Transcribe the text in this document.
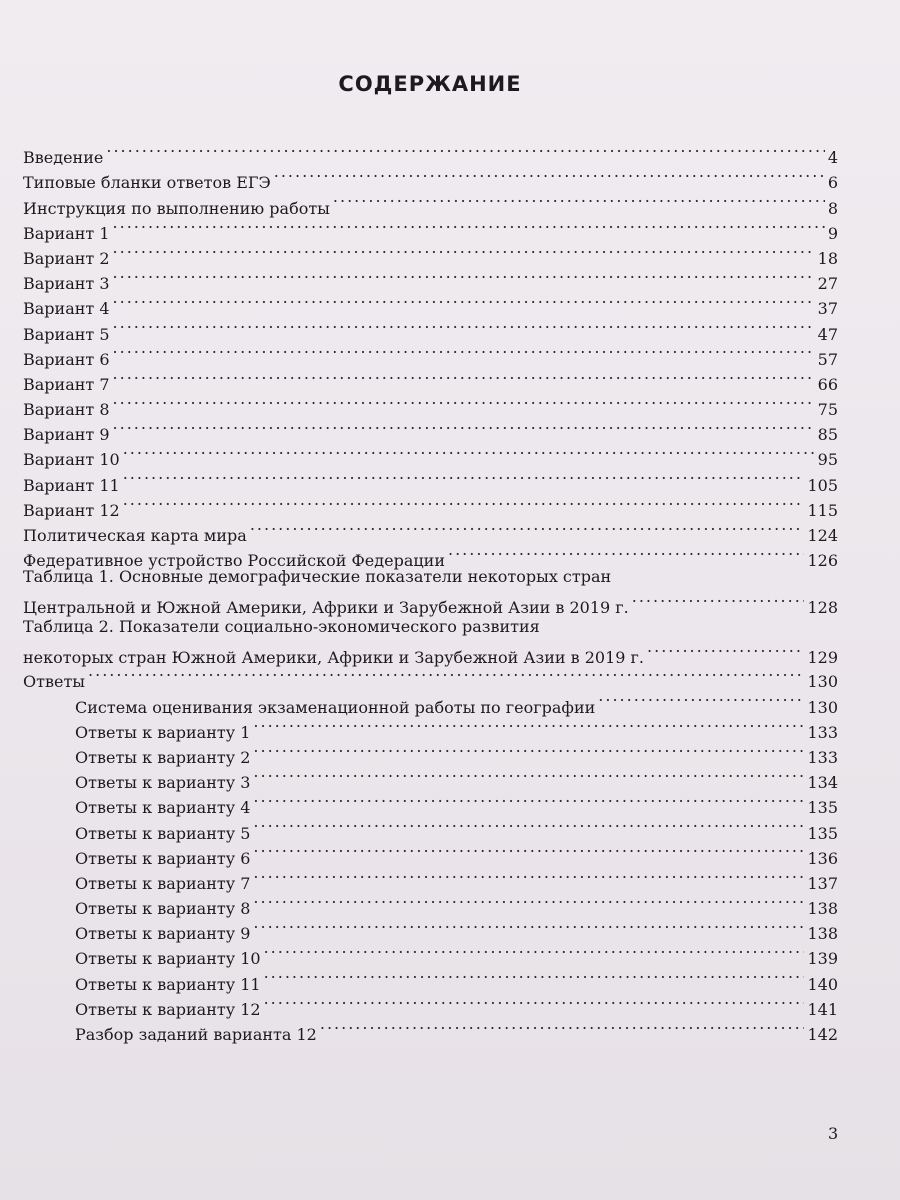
СОДЕРЖАНИЕ
Введение .....	4
Типовые бланки ответов ЕГЭ .....	6
Инструкция по выполнению работы .....	8
Вариант 1 .....	9
Вариант 2 .....	18
Вариант 3 .....	27
Вариант 4 .....	37
Вариант 5 .....	47
Вариант 6 .....	57
Вариант 7 .....	66
Вариант 8 .....	75
Вариант 9 .....	85
Вариант 10 .....	95
Вариант 11 .....	105
Вариант 12 .....	115
Политическая карта мира .....	124
Федеративное устройство Российской Федерации .....	126
Таблица 1. Основные демографические показатели некоторых стран
Центральной и Южной Америки, Африки и Зарубежной Азии в 2019 г. .....	128
Таблица 2. Показатели социально-экономического развития
некоторых стран Южной Америки, Африки и Зарубежной Азии в 2019 г. .....	129
Ответы .....	130
Система оценивания экзаменационной работы по географии .....	130
Ответы к варианту 1 .....	133
Ответы к варианту 2 .....	133
Ответы к варианту 3 .....	134
Ответы к варианту 4 .....	135
Ответы к варианту 5 .....	135
Ответы к варианту 6 .....	136
Ответы к варианту 7 .....	137
Ответы к варианту 8 .....	138
Ответы к варианту 9 .....	138
Ответы к варианту 10 .....	139
Ответы к варианту 11 .....	140
Ответы к варианту 12 .....	141
Разбор заданий варианта 12 .....	142
3
